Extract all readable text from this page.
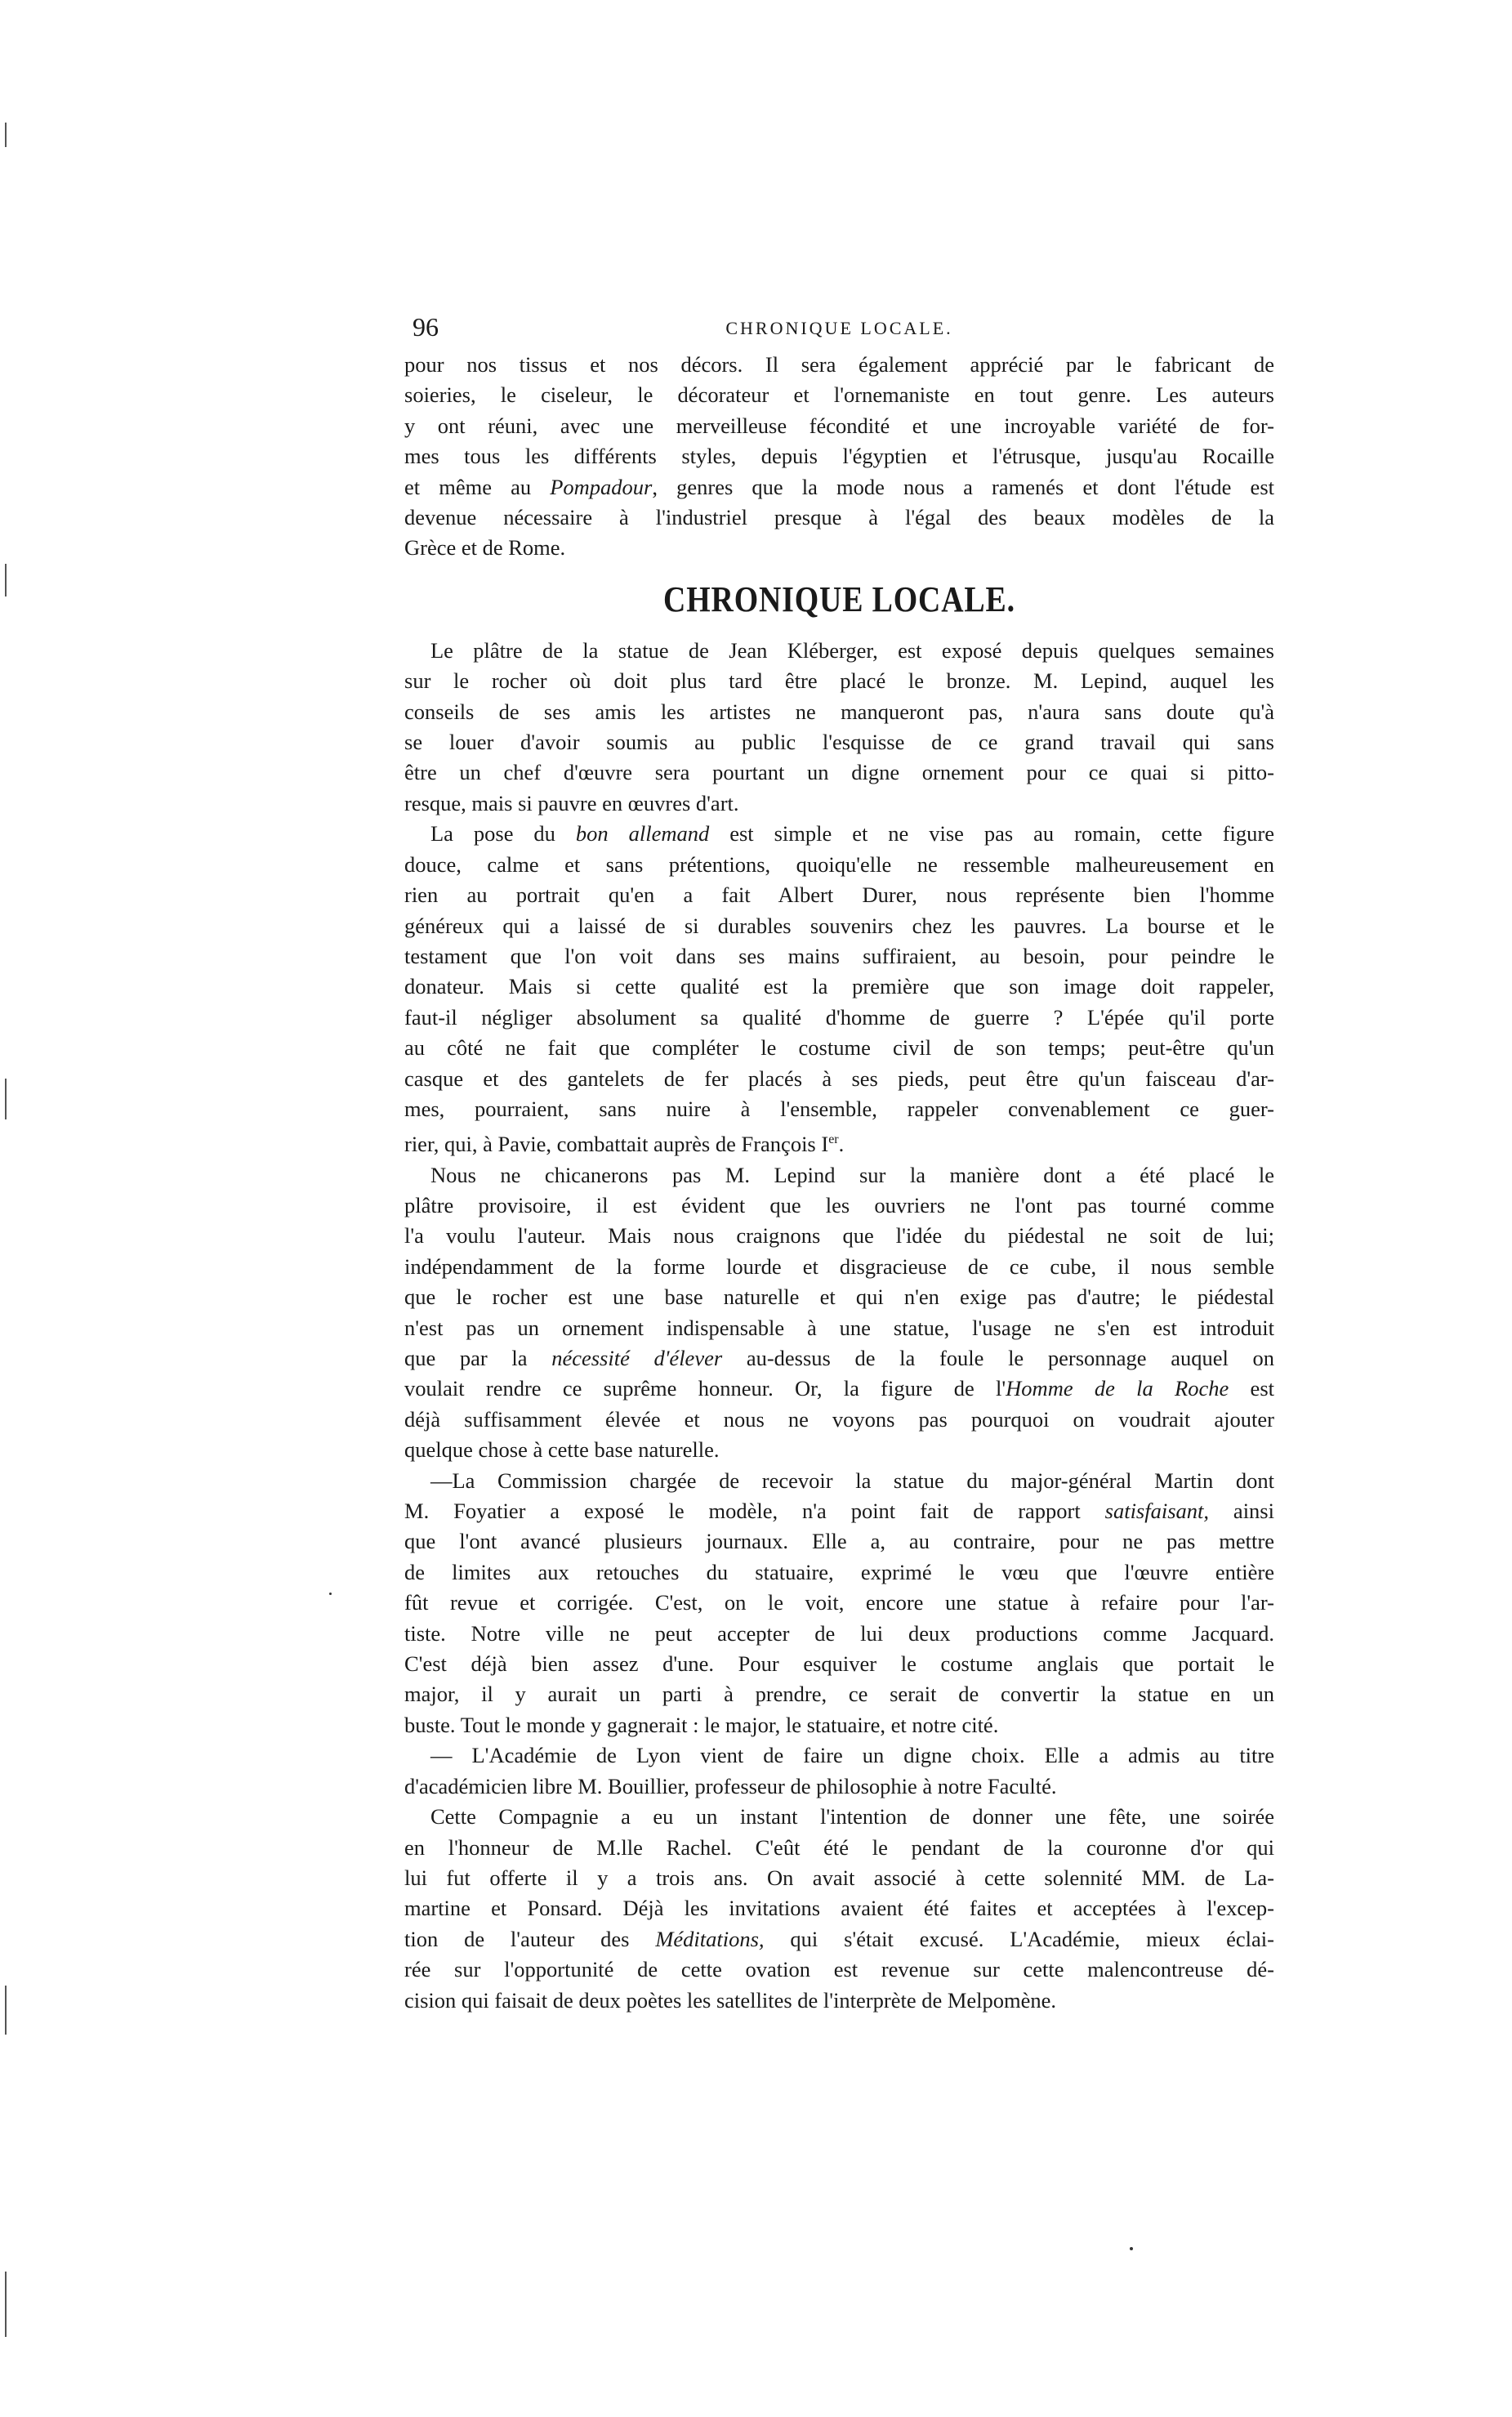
96	CHRONIQUE LOCALE.
pour nos tissus et nos décors. Il sera également apprécié par le fabricant de
soieries, le ciseleur, le décorateur et l'ornemaniste en tout genre. Les auteurs
y ont réuni, avec une merveilleuse fécondité et une incroyable variété de for-
mes tous les différents styles, depuis l'égyptien et l'étrusque, jusqu'au Rocaille
et même au Pompadour, genres que la mode nous a ramenés et dont l'étude est
devenue nécessaire à l'industriel presque à l'égal des beaux modèles de la
Grèce et de Rome.
CHRONIQUE LOCALE.
Le plâtre de la statue de Jean Kléberger, est exposé depuis quelques semaines
sur le rocher où doit plus tard être placé le bronze. M. Lepind, auquel les
conseils de ses amis les artistes ne manqueront pas, n'aura sans doute qu'à
se louer d'avoir soumis au public l'esquisse de ce grand travail qui sans
être un chef d'œuvre sera pourtant un digne ornement pour ce quai si pitto-
resque, mais si pauvre en œuvres d'art.
La pose du bon allemand est simple et ne vise pas au romain, cette figure
douce, calme et sans prétentions, quoiqu'elle ne ressemble malheureusement en
rien au portrait qu'en a fait Albert Durer, nous représente bien l'homme
généreux qui a laissé de si durables souvenirs chez les pauvres. La bourse et le
testament que l'on voit dans ses mains suffiraient, au besoin, pour peindre le
donateur. Mais si cette qualité est la première que son image doit rappeler,
faut-il négliger absolument sa qualité d'homme de guerre ? L'épée qu'il porte
au côté ne fait que compléter le costume civil de son temps; peut-être qu'un
casque et des gantelets de fer placés à ses pieds, peut être qu'un faisceau d'ar-
mes, pourraient, sans nuire à l'ensemble, rappeler convenablement ce guer-
rier, qui, à Pavie, combattait auprès de François Ier.
Nous ne chicanerons pas M. Lepind sur la manière dont a été placé le
plâtre provisoire, il est évident que les ouvriers ne l'ont pas tourné comme
l'a voulu l'auteur. Mais nous craignons que l'idée du piédestal ne soit de lui;
indépendamment de la forme lourde et disgracieuse de ce cube, il nous semble
que le rocher est une base naturelle et qui n'en exige pas d'autre; le piédestal
n'est pas un ornement indispensable à une statue, l'usage ne s'en est introduit
que par la nécessité d'élever au-dessus de la foule le personnage auquel on
voulait rendre ce suprême honneur. Or, la figure de l'Homme de la Roche est
déjà suffisamment élevée et nous ne voyons pas pourquoi on voudrait ajouter
quelque chose à cette base naturelle.
—La Commission chargée de recevoir la statue du major-général Martin dont
M. Foyatier a exposé le modèle, n'a point fait de rapport satisfaisant, ainsi
que l'ont avancé plusieurs journaux. Elle a, au contraire, pour ne pas mettre
de limites aux retouches du statuaire, exprimé le vœu que l'œuvre entière
fût revue et corrigée. C'est, on le voit, encore une statue à refaire pour l'ar-
tiste. Notre ville ne peut accepter de lui deux productions comme Jacquard.
C'est déjà bien assez d'une. Pour esquiver le costume anglais que portait le
major, il y aurait un parti à prendre, ce serait de convertir la statue en un
buste. Tout le monde y gagnerait : le major, le statuaire, et notre cité.
— L'Académie de Lyon vient de faire un digne choix. Elle a admis au titre
d'académicien libre M. Bouillier, professeur de philosophie à notre Faculté.
Cette Compagnie a eu un instant l'intention de donner une fête, une soirée
en l'honneur de M.lle Rachel. C'eût été le pendant de la couronne d'or qui
lui fut offerte il y a trois ans. On avait associé à cette solennité MM. de La-
martine et Ponsard. Déjà les invitations avaient été faites et acceptées à l'excep-
tion de l'auteur des Méditations, qui s'était excusé. L'Académie, mieux éclai-
rée sur l'opportunité de cette ovation est revenue sur cette malencontreuse dé-
cision qui faisait de deux poètes les satellites de l'interprète de Melpomène.
